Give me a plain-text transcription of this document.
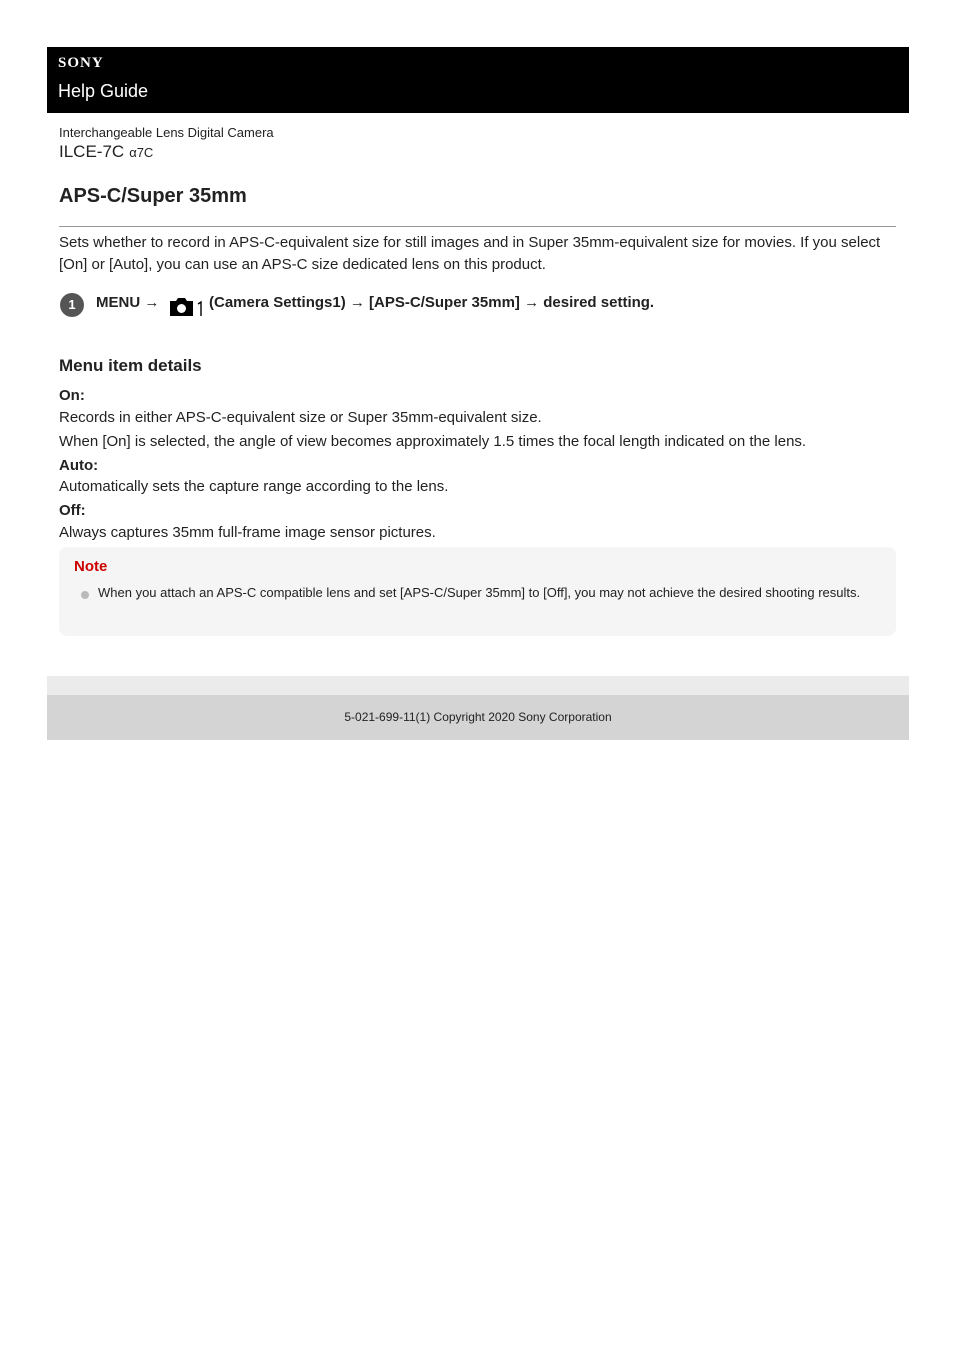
SONY
Help Guide
Interchangeable Lens Digital Camera
ILCE-7C α7C
APS-C/Super 35mm
Sets whether to record in APS-C-equivalent size for still images and in Super 35mm-equivalent size for movies. If you select [On] or [Auto], you can use an APS-C size dedicated lens on this product.
1	MENU →	(Camera Settings1) → [APS-C/Super 35mm] → desired setting.
Menu item details
On:
Records in either APS-C-equivalent size or Super 35mm-equivalent size.
When [On] is selected, the angle of view becomes approximately 1.5 times the focal length indicated on the lens.
Auto:
Automatically sets the capture range according to the lens.
Off:
Always captures 35mm full-frame image sensor pictures.
Note
When you attach an APS-C compatible lens and set [APS-C/Super 35mm] to [Off], you may not achieve the desired shooting results.
5-021-699-11(1) Copyright 2020 Sony Corporation
